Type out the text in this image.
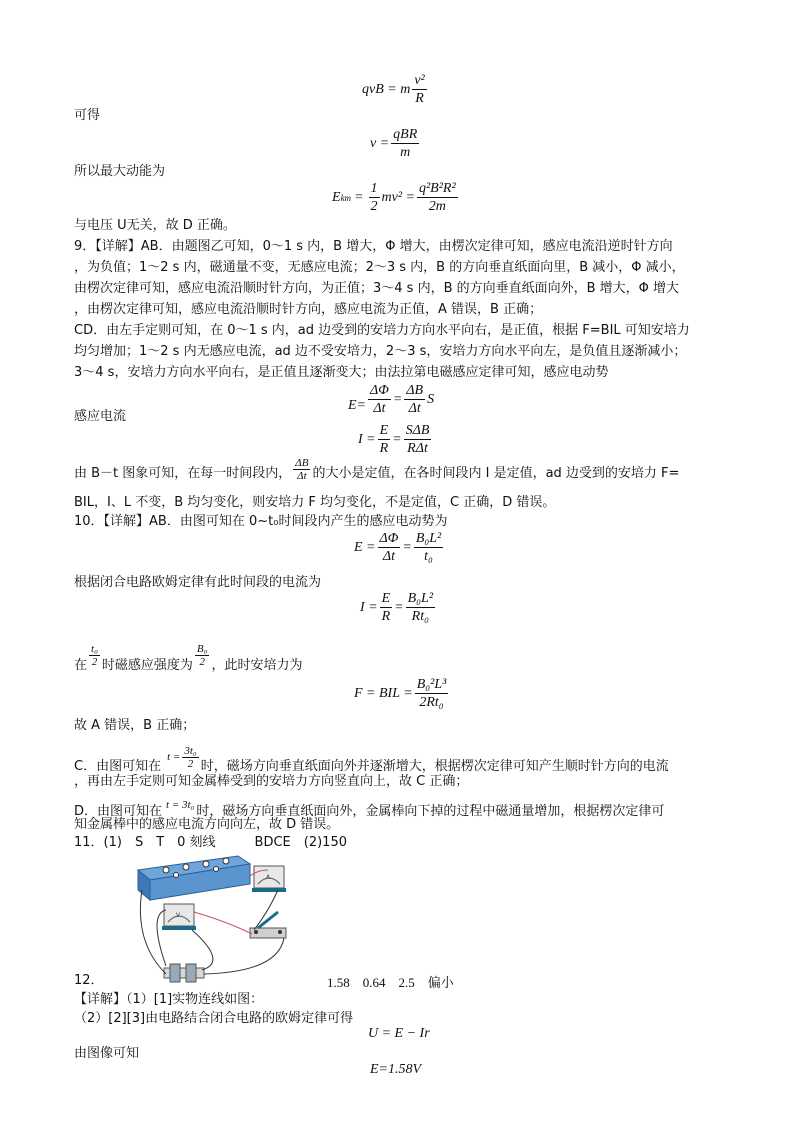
qvB = m $\frac{\text{v²}}{R}$
可得
$v = \frac{\text{qBR}}{m}$
所以最大动能为
E km = $\frac{1}{2} mv^2 = \frac{\text{q²B²R²}}{2m}$
与电压 U无关，故 D 正确。
9．【详解】AB．由题图乙可知，0～1 s 内，B 增大，Φ 增大，由楞次定律可知，感应电流沿逆时针方向
，为负值；1～2 s 内，磁通量不变，无感应电流；2～3 s 内，B 的方向垂直纸面向里，B 减小，Φ 减小，
由楞次定律可知，感应电流沿顺时针方向，为正值；3～4 s 内，B 的方向垂直纸面向外，B 增大，Φ 增大
，由楞次定律可知，感应电流沿顺时针方向，感应电流为正值，A 错误，B 正确；
CD．由左手定则可知，在 0～1 s 内，ad 边受到的安培力方向水平向右，是正值，根据 F=BIL 可知安培力
均匀增加；1～2 s 内无感应电流，ad 边不受安培力，2～3 s，安培力方向水平向左，是负值且逐渐减小；
3～4 s，安培力方向水平向右，是正值且逐渐变大；由法拉第电磁感应定律可知，感应电动势
$E= \frac{\Delta\Phi}{\Delta t} = \frac{\Delta B}{\Delta t}$ S
感应电流
$I = \frac{E}{R} = \frac{\text{SΔB}}{\text{RΔt}}$
由 B－t 图象可知，在每一时间段内， $\frac{\Delta B}{\Delta t}$ 的大小是定值，在各时间段内 I 是定值，ad 边受到的安培力 F=
BIL，I、L 不变，B 均匀变化，则安培力 F 均匀变化，不是定值，C 正确，D 错误。
10．【详解】AB．由图可知在 0~t₀时间段内产生的感应电动势为
$E = \frac{\Delta\Phi}{\Delta t} = \frac{\text{B₀L²}}{\text{t₀}}$
根据闭合电路欧姆定律有此时间段的电流为
$I = \frac{E}{R} = \frac{\text{B₀L²}}{\text{Rt₀}}$
在 $\frac{\text{t₀}}{2}$ 时磁感应强度为 $\frac{\text{B₀}}{2}$ ，此时安培力为
F = BIL = $\frac{\text{B₀²L³}}{\text{2Rt₀}}$
故 A 错误，B 正确；
C．由图可知在
$t = \frac{\text{3t₀}}{2}$ 时，磁场方向垂直纸面向外并逐渐增大，根据楞次定律可知产生顺时针方向的电流
，再由左手定则可知金属棒受到的安培力方向竖直向上，故 C 正确；
D．由图可知在 t = 3t₀ 时，磁场方向垂直纸面向外，金属棒向下掉的过程中磁通量增加，根据楞次定律可
知金属棒中的感应电流方向向左，故 D 错误。
11．(1)　S　T　0 刻线　　　BDCE　(2)150
A
V
12．	1.58　0.64　2.5　偏小
【详解】（1）[1]实物连线如图：
（2）[2][3]由电路结合闭合电路的欧姆定律可得
U = E − Ir
由图像可知
E=1.58V
